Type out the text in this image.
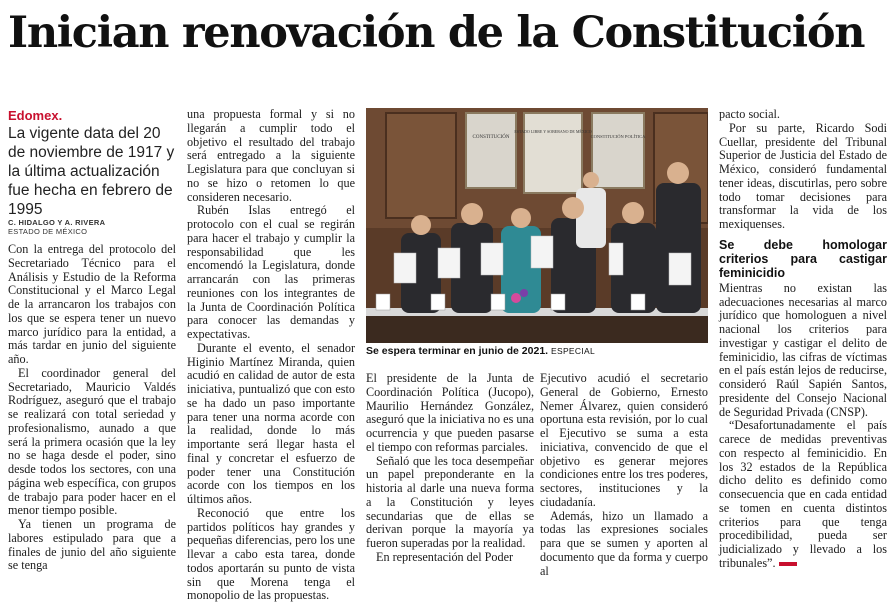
Inician renovación de la Constitución
Edomex.
La vigente data del 20 de noviembre de 1917 y la última actualización fue hecha en febrero de 1995
C. HIDALGO Y A. RIVERA
ESTADO DE MÉXICO

Con la entrega del protocolo del Secretariado Técnico para el Análisis y Estudio de la Reforma Constitucional y el Marco Legal de la arrancaron los trabajos con los que se espera tener un nuevo marco jurídico para la entidad, a más tardar en junio del siguiente año.

El coordinador general del Secretariado, Mauricio Valdés Rodríguez, aseguró que el trabajo se realizará con total seriedad y profesionalismo, aunado a que será la primera ocasión que la ley no se haga desde el poder, sino desde todos los sectores, con una página web específica, con grupos de trabajo para poder hacer en el menor tiempo posible.

Ya tienen un programa de labores estipulado para que a finales de junio del año siguiente se tenga

una propuesta formal y si no llegarán a cumplir todo el objetivo el resultado del trabajo será entregado a la siguiente Legislatura para que concluyan si no se hizo o retomen lo que consideren necesario.

Rubén Islas entregó el protocolo con el cual se regirán para hacer el trabajo y cumplir la responsabilidad que les encomendó la Legislatura, donde arrancarán con las primeras reuniones con los integrantes de la Junta de Coordinación Política para conocer las demandas y expectativas.

Durante el evento, el senador Higinio Martínez Miranda, quien acudió en calidad de autor de esta iniciativa, puntualizó que con esto se ha dado un paso importante para tener una norma acorde con la realidad, donde lo más importante será llegar hasta el final y concretar el esfuerzo de poder tener una Constitución acorde con los tiempos en los últimos años.

Reconoció que entre los partidos políticos hay grandes y pequeñas diferencias, pero los une llevar a cabo esta tarea, donde todos aportarán su punto de vista sin que Morena tenga el monopolio de las propuestas.

CONSTITUCIÓN
ESTADO LIBRE Y SOBERANO DE MÉXICO
CONSTITUCIÓN POLÍTICA
Se espera terminar en junio de 2021. ESPECIAL

El presidente de la Junta de Coordinación Política (Jucopo), Maurilio Hernández González, aseguró que la iniciativa no es una ocurrencia y que pueden pasarse el tiempo con reformas parciales.

Señaló que les toca desempeñar un papel preponderante en la historia al darle una nueva forma a la Constitución y leyes secundarias que de ellas se derivan porque la mayoría ya fueron superadas por la realidad.

En representación del Poder

Ejecutivo acudió el secretario General de Gobierno, Ernesto Nemer Álvarez, quien consideró oportuna esta revisión, por lo cual el Ejecutivo se suma a esta iniciativa, convencido de que el objetivo es generar mejores condiciones entre los tres poderes, sectores, instituciones y la ciudadanía.

Además, hizo un llamado a todas las expresiones sociales para que se sumen y aporten al documento que da forma y cuerpo al

pacto social.

Por su parte, Ricardo Sodi Cuellar, presidente del Tribunal Superior de Justicia del Estado de México, consideró fundamental tener ideas, discutirlas, pero sobre todo tomar decisiones para transformar la vida de los mexiquenses.

Se debe homologar criterios para castigar feminicidio

Mientras no existan las adecuaciones necesarias al marco jurídico que homologuen a nivel nacional los criterios para investigar y castigar el delito de feminicidio, las cifras de víctimas en el país están lejos de reducirse, consideró Raúl Sapién Santos, presidente del Consejo Nacional de Seguridad Privada (CNSP).

“Desafortunadamente el país carece de medidas preventivas con respecto al feminicidio. En los 32 estados de la República dicho delito es definido como consecuencia que en cada entidad se tomen en cuenta distintos criterios para que tenga procedibilidad, pueda ser judicializado y llevado a los tribunales”.
